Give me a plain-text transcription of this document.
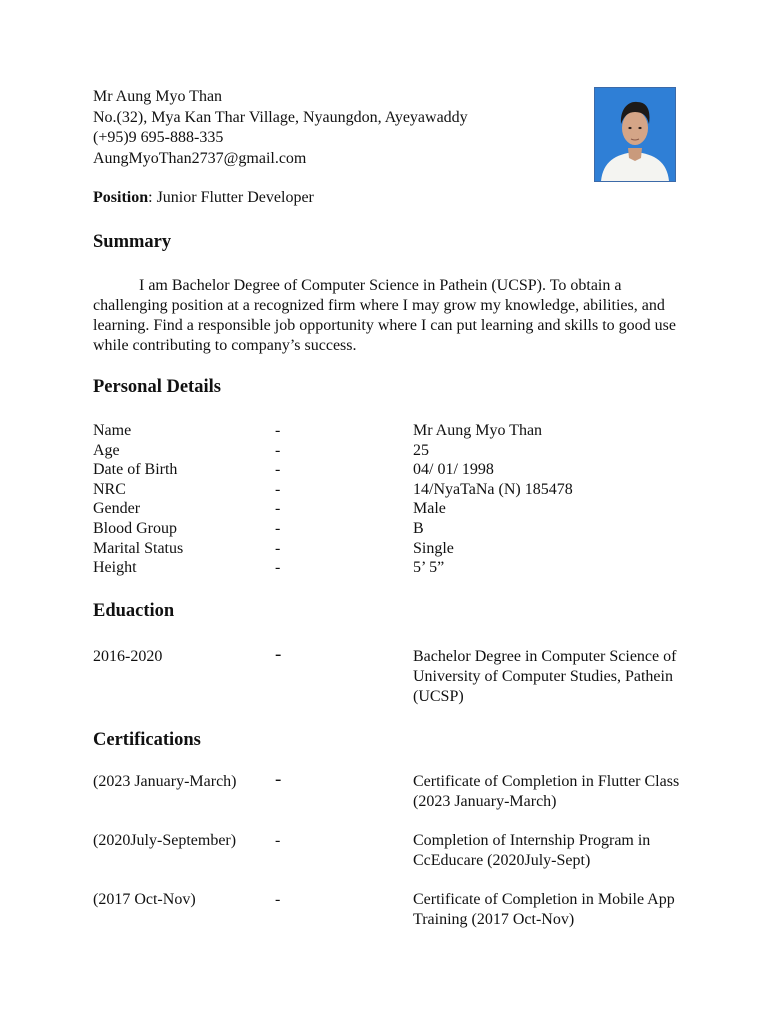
Mr Aung Myo Than
No.(32), Mya Kan Thar Village, Nyaungdon, Ayeyawaddy
(+95)9 695-888-335
AungMyoThan2737@gmail.com
Position: Junior Flutter Developer
Summary
I am Bachelor Degree of Computer Science in Pathein (UCSP). To obtain a challenging position at a recognized firm where I may grow my knowledge, abilities, and learning. Find a responsible job opportunity where I can put learning and skills to good use while contributing to company’s success.
Personal Details
Name	-	Mr Aung Myo Than
Age	-	25
Date of Birth	-	04/ 01/ 1998
NRC	-	14/NyaTaNa (N) 185478
Gender	-	Male
Blood Group	-	B
Marital Status	-	Single
Height	-	5’ 5”
Eduaction
2016-2020	-	Bachelor Degree in Computer Science of University of Computer Studies, Pathein (UCSP)
Certifications
(2023 January-March) -	Certificate of Completion in Flutter Class (2023 January-March)
(2020July-September) -	Completion of Internship Program in CcEducare (2020July-Sept)
(2017 Oct-Nov)	-	Certificate of Completion in Mobile App Training (2017 Oct-Nov)
